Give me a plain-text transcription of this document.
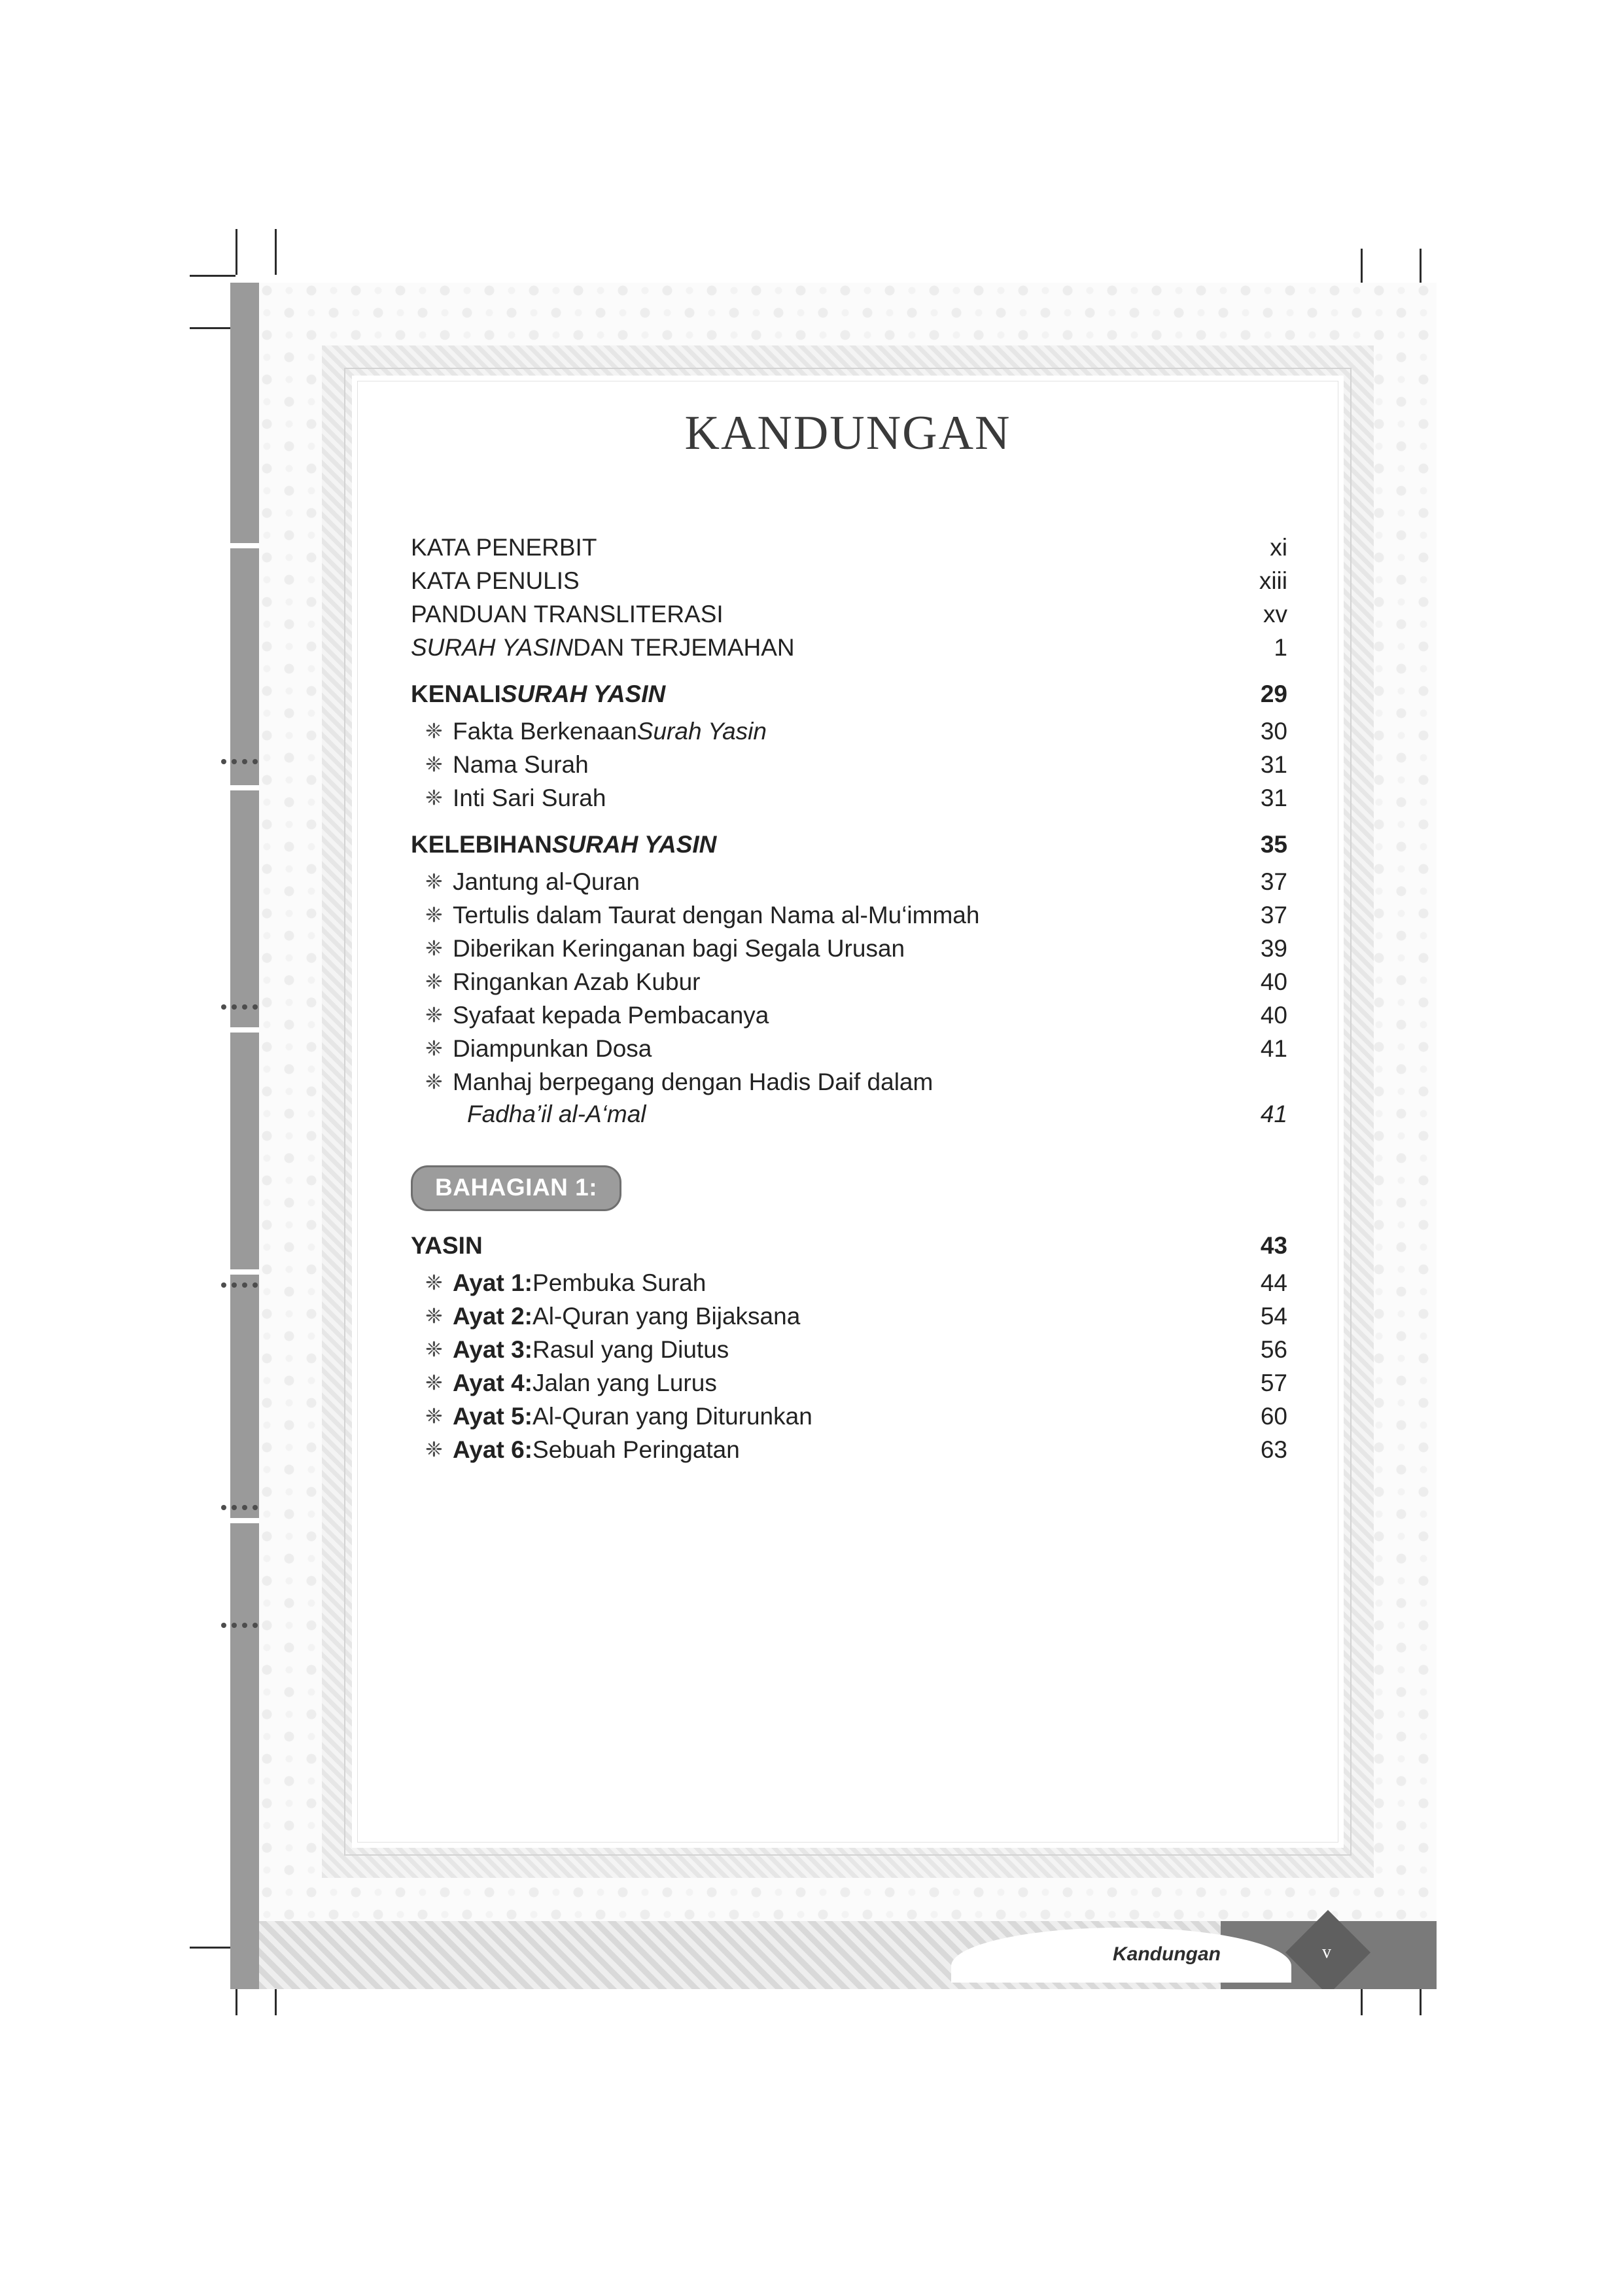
KANDUNGAN
KATA PENERBIT	xi
KATA PENULIS	xiii
PANDUAN TRANSLITERASI	xv
SURAH YASIN DAN TERJEMAHAN	1
KENALI SURAH YASIN	29
❈ Fakta Berkenaan Surah Yasin	30
❈ Nama Surah	31
❈ Inti Sari Surah	31
KELEBIHAN SURAH YASIN	35
❈ Jantung al-Quran	37
❈ Tertulis dalam Taurat dengan Nama al-Mu‘immah	37
❈ Diberikan Keringanan bagi Segala Urusan	39
❈ Ringankan Azab Kubur	40
❈ Syafaat kepada Pembacanya	40
❈ Diampunkan Dosa	41
❈ Manhaj berpegang dengan Hadis Daif dalam
Fadha’il al-A‘mal	41
BAHAGIAN 1:
YASIN	43
❈ Ayat 1: Pembuka Surah	44
❈ Ayat 2: Al-Quran yang Bijaksana	54
❈ Ayat 3: Rasul yang Diutus	56
❈ Ayat 4: Jalan yang Lurus	57
❈ Ayat 5: Al-Quran yang Diturunkan	60
❈ Ayat 6: Sebuah Peringatan	63
Kandungan	v
